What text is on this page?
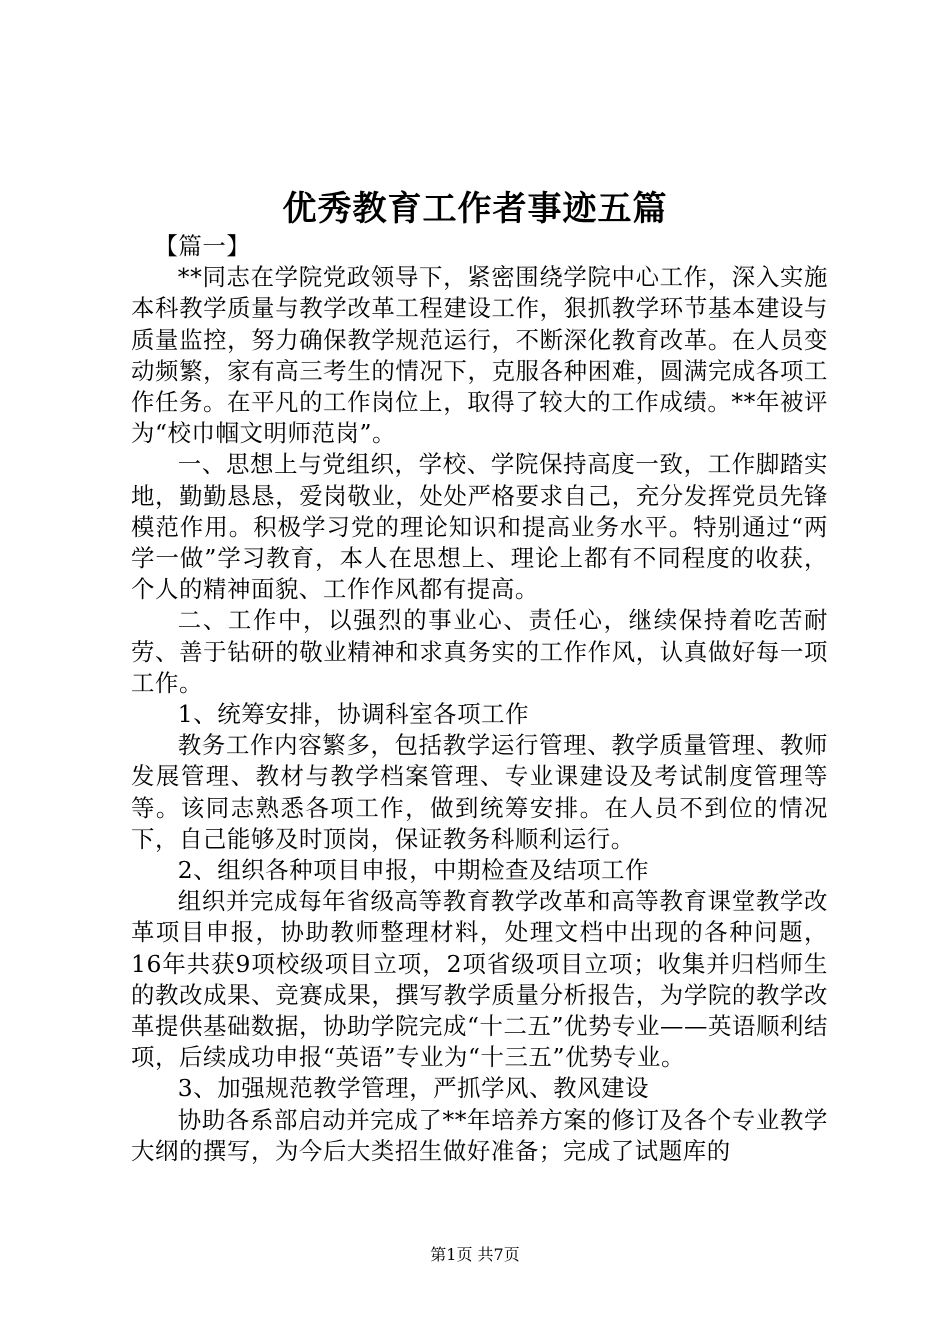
优秀教育工作者事迹五篇

【篇一】

**同志在学院党政领导下，紧密围绕学院中心工作，深入实施本科教学质量与教学改革工程建设工作，狠抓教学环节基本建设与质量监控，努力确保教学规范运行，不断深化教育改革。在人员变动频繁，家有高三考生的情况下，克服各种困难，圆满完成各项工作任务。在平凡的工作岗位上，取得了较大的工作成绩。**年被评为“校巾帼文明师范岗”。

一、思想上与党组织，学校、学院保持高度一致，工作脚踏实地，勤勤恳恳，爱岗敬业，处处严格要求自己，充分发挥党员先锋模范作用。积极学习党的理论知识和提高业务水平。特别通过“两学一做”学习教育，本人在思想上、理论上都有不同程度的收获，个人的精神面貌、工作作风都有提高。

二、工作中，以强烈的事业心、责任心，继续保持着吃苦耐劳、善于钻研的敬业精神和求真务实的工作作风，认真做好每一项工作。

1、统筹安排，协调科室各项工作

教务工作内容繁多，包括教学运行管理、教学质量管理、教师发展管理、教材与教学档案管理、专业课建设及考试制度管理等等。该同志熟悉各项工作，做到统筹安排。在人员不到位的情况下，自己能够及时顶岗，保证教务科顺利运行。

2、组织各种项目申报，中期检查及结项工作

组织并完成每年省级高等教育教学改革和高等教育课堂教学改革项目申报，协助教师整理材料，处理文档中出现的各种问题，16年共获9项校级项目立项，2项省级项目立项；收集并归档师生的教改成果、竞赛成果，撰写教学质量分析报告，为学院的教学改革提供基础数据，协助学院完成“十二五”优势专业——英语顺利结项，后续成功申报“英语”专业为“十三五”优势专业。

3、加强规范教学管理，严抓学风、教风建设

协助各系部启动并完成了**年培养方案的修订及各个专业教学大纲的撰写，为今后大类招生做好准备；完成了试题库的

第1页 共7页
